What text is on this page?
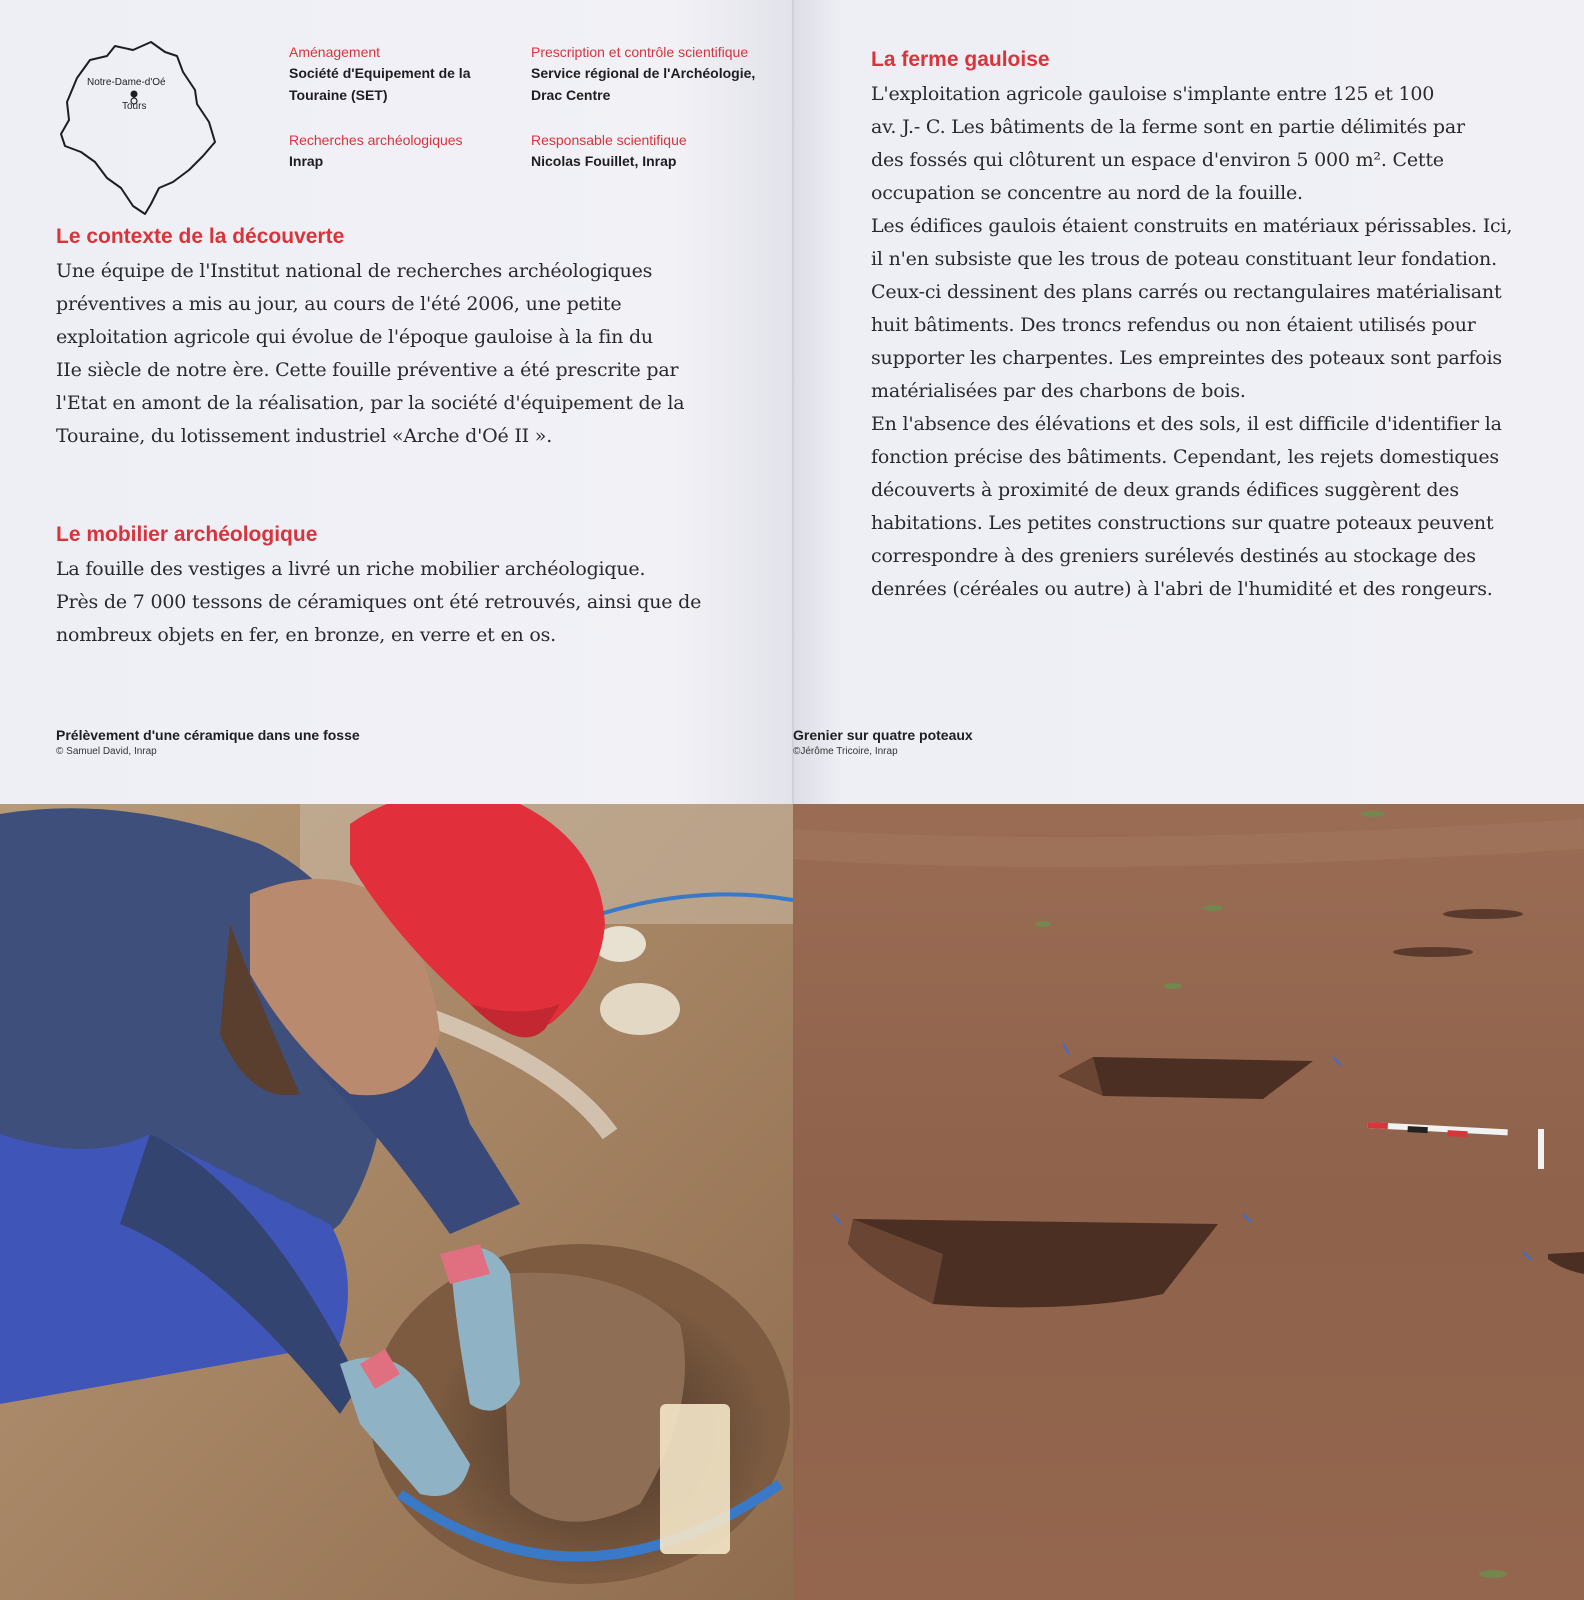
Notre-Dame-d'Oé
Tours
Aménagement
Société d'Equipement de la
Touraine (SET)
Prescription et contrôle scientifique
Service régional de l'Archéologie,
Drac Centre
Recherches archéologiques
Inrap
Responsable scientifique
Nicolas Fouillet, Inrap
Le contexte de la découverte
Une équipe de l'Institut national de recherches archéologiques
préventives a mis au jour, au cours de l'été 2006, une petite
exploitation agricole qui évolue de l'époque gauloise à la fin du
IIe siècle de notre ère. Cette fouille préventive a été prescrite par
l'Etat en amont de la réalisation, par la société d'équipement de la
Touraine, du lotissement industriel «Arche d'Oé II ».
Le mobilier archéologique
La fouille des vestiges a livré un riche mobilier archéologique.
Près de 7 000 tessons de céramiques ont été retrouvés, ainsi que de
nombreux objets en fer, en bronze, en verre et en os.
La ferme gauloise
L'exploitation agricole gauloise s'implante entre 125 et 100
av. J.- C. Les bâtiments de la ferme sont en partie délimités par
des fossés qui clôturent un espace d'environ 5 000 m². Cette
occupation se concentre au nord de la fouille.
Les édifices gaulois étaient construits en matériaux périssables. Ici,
il n'en subsiste que les trous de poteau constituant leur fondation.
Ceux-ci dessinent des plans carrés ou rectangulaires matérialisant
huit bâtiments. Des troncs refendus ou non étaient utilisés pour
supporter les charpentes. Les empreintes des poteaux sont parfois
matérialisées par des charbons de bois.
En l'absence des élévations et des sols, il est difficile d'identifier la
fonction précise des bâtiments. Cependant, les rejets domestiques
découverts à proximité de deux grands édifices suggèrent des
habitations. Les petites constructions sur quatre poteaux peuvent
correspondre à des greniers surélevés destinés au stockage des
denrées (céréales ou autre) à l'abri de l'humidité et des rongeurs.
Prélèvement d'une céramique dans une fosse
© Samuel David, Inrap
Grenier sur quatre poteaux
©Jérôme Tricoire, Inrap
